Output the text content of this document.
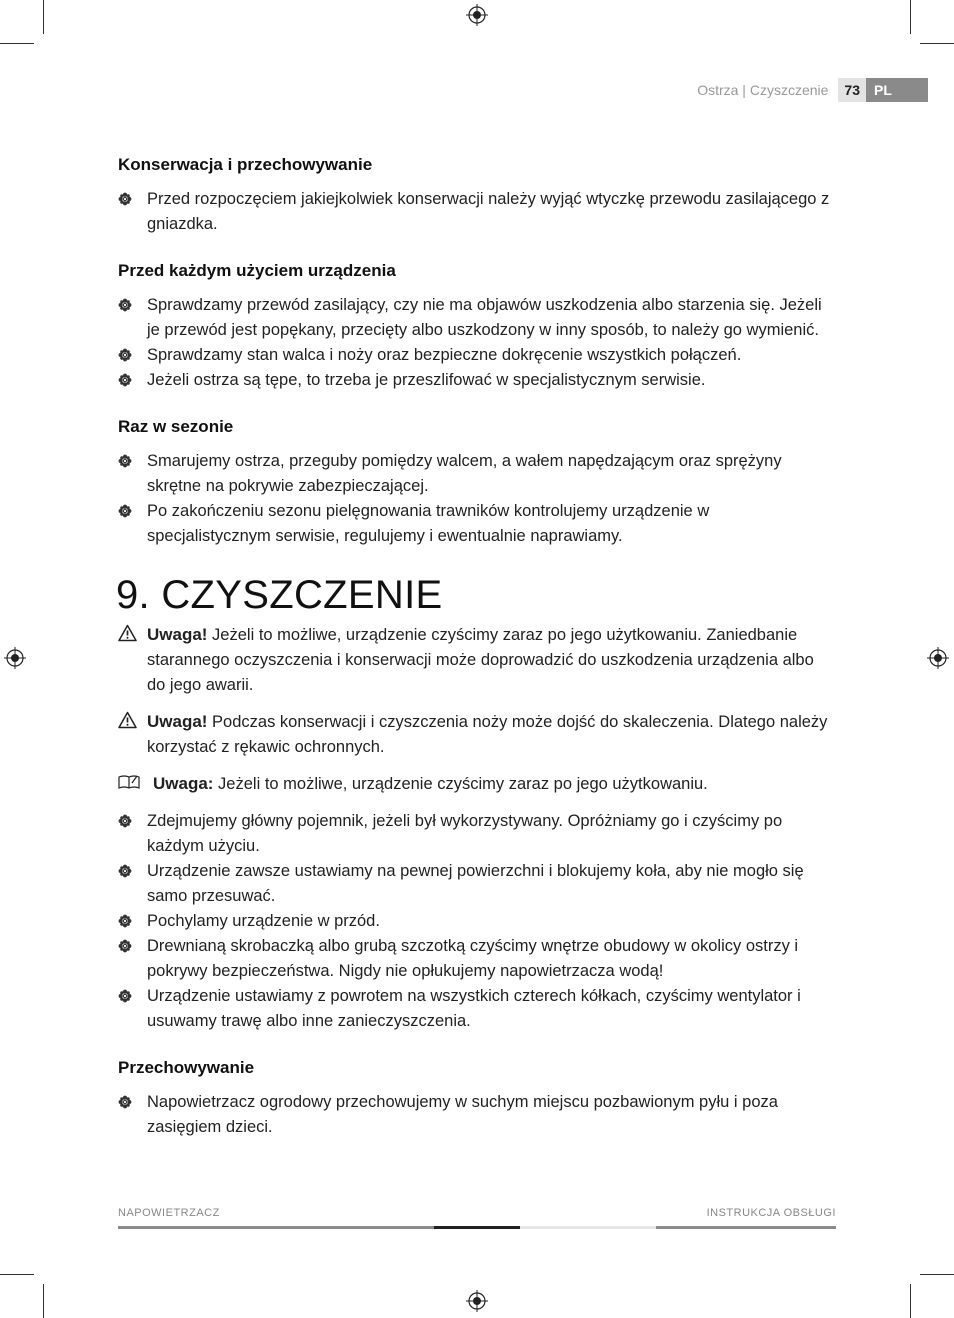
Ostrza | Czyszczenie	73	PL
Konserwacja i przechowywanie
Przed rozpoczęciem jakiejkolwiek konserwacji należy wyjąć wtyczkę przewodu zasilającego z gniazdka.
Przed każdym użyciem urządzenia
Sprawdzamy przewód zasilający, czy nie ma objawów uszkodzenia albo starzenia się. Jeżeli je przewód jest popękany, przecięty albo uszkodzony w inny sposób, to należy go wymienić.
Sprawdzamy stan walca i noży oraz bezpieczne dokręcenie wszystkich połączeń.
Jeżeli ostrza są tępe, to trzeba je przeszlifować w specjalistycznym serwisie.
Raz w sezonie
Smarujemy ostrza, przeguby pomiędzy walcem, a wałem napędzającym oraz sprężyny skrętne na pokrywie zabezpieczającej.
Po zakończeniu sezonu pielęgnowania trawników kontrolujemy urządzenie w specjalistycznym serwisie, regulujemy i ewentualnie naprawiamy.
9. CZYSZCZENIE
Uwaga! Jeżeli to możliwe, urządzenie czyścimy zaraz po jego użytkowaniu. Zaniedbanie starannego oczyszczenia i konserwacji może doprowadzić do uszkodzenia urządzenia albo do jego awarii.
Uwaga! Podczas konserwacji i czyszczenia noży może dojść do skaleczenia. Dlatego należy korzystać z rękawic ochronnych.
Uwaga: Jeżeli to możliwe, urządzenie czyścimy zaraz po jego użytkowaniu.
Zdejmujemy główny pojemnik, jeżeli był wykorzystywany. Opróżniamy go i czyścimy po każdym użyciu.
Urządzenie zawsze ustawiamy na pewnej powierzchni i blokujemy koła, aby nie mogło się samo przesuwać.
Pochylamy urządzenie w przód.
Drewnianą skrobaczką albo grubą szczotką czyścimy wnętrze obudowy w okolicy ostrzy i pokrywy bezpieczeństwa. Nigdy nie opłukujemy napowietrzacza wodą!
Urządzenie ustawiamy z powrotem na wszystkich czterech kółkach, czyścimy wentylator i usuwamy trawę albo inne zanieczyszczenia.
Przechowywanie
Napowietrzacz ogrodowy przechowujemy w suchym miejscu pozbawionym pyłu i poza zasięgiem dzieci.
NAPOWIETRZACZ	INSTRUKCJA OBSŁUGI
